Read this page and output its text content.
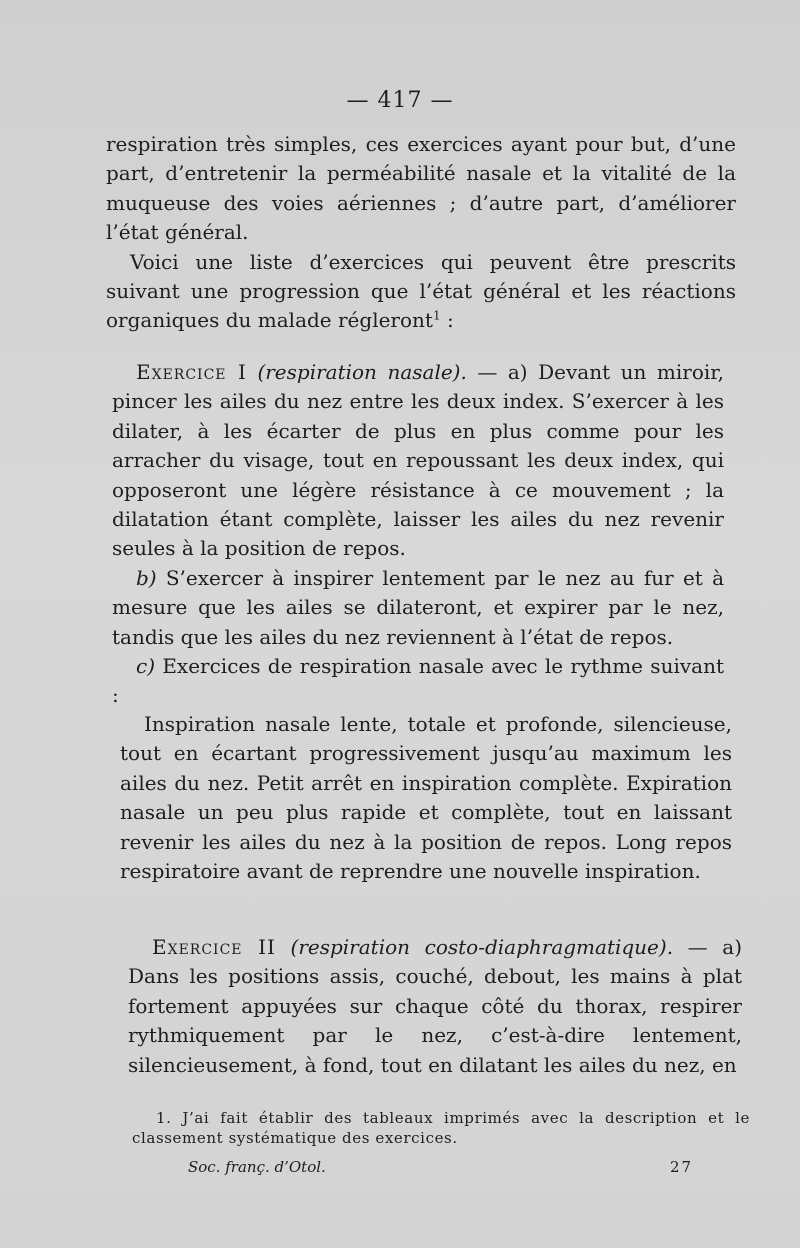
— 417 —

respiration très simples, ces exercices ayant pour but, d’une part, d’entretenir la perméabilité nasale et la vitalité de la muqueuse des voies aériennes ; d’autre part, d’améliorer l’état général.

Voici une liste d’exercices qui peuvent être prescrits suivant une progression que l’état général et les réactions organiques du malade régleront$^1$ :

Exercice I (respiration nasale). — a) Devant un miroir, pincer les ailes du nez entre les deux index. S’exercer à les dilater, à les écarter de plus en plus comme pour les arracher du visage, tout en repoussant les deux index, qui opposeront une légère résistance à ce mouvement ; la dilatation étant complète, laisser les ailes du nez revenir seules à la position de repos.

b) S’exercer à inspirer lentement par le nez au fur et à mesure que les ailes se dilateront, et expirer par le nez, tandis que les ailes du nez reviennent à l’état de repos.

c) Exercices de respiration nasale avec le rythme suivant :

Inspiration nasale lente, totale et profonde, silencieuse, tout en écartant progressivement jusqu’au maximum les ailes du nez. Petit arrêt en inspiration complète. Expiration nasale un peu plus rapide et complète, tout en laissant revenir les ailes du nez à la position de repos. Long repos respiratoire avant de reprendre une nouvelle inspiration.

Exercice II (respiration costo-diaphragmatique). — a) Dans les positions assis, couché, debout, les mains à plat fortement appuyées sur chaque côté du thorax, respirer rythmiquement par le nez, c’est-à-dire lentement, silencieusement, à fond, tout en dilatant les ailes du nez, en

1. J’ai fait établir des tableaux imprimés avec la description et le classement systématique des exercices.

Soc. franç. d’Otol.	27
